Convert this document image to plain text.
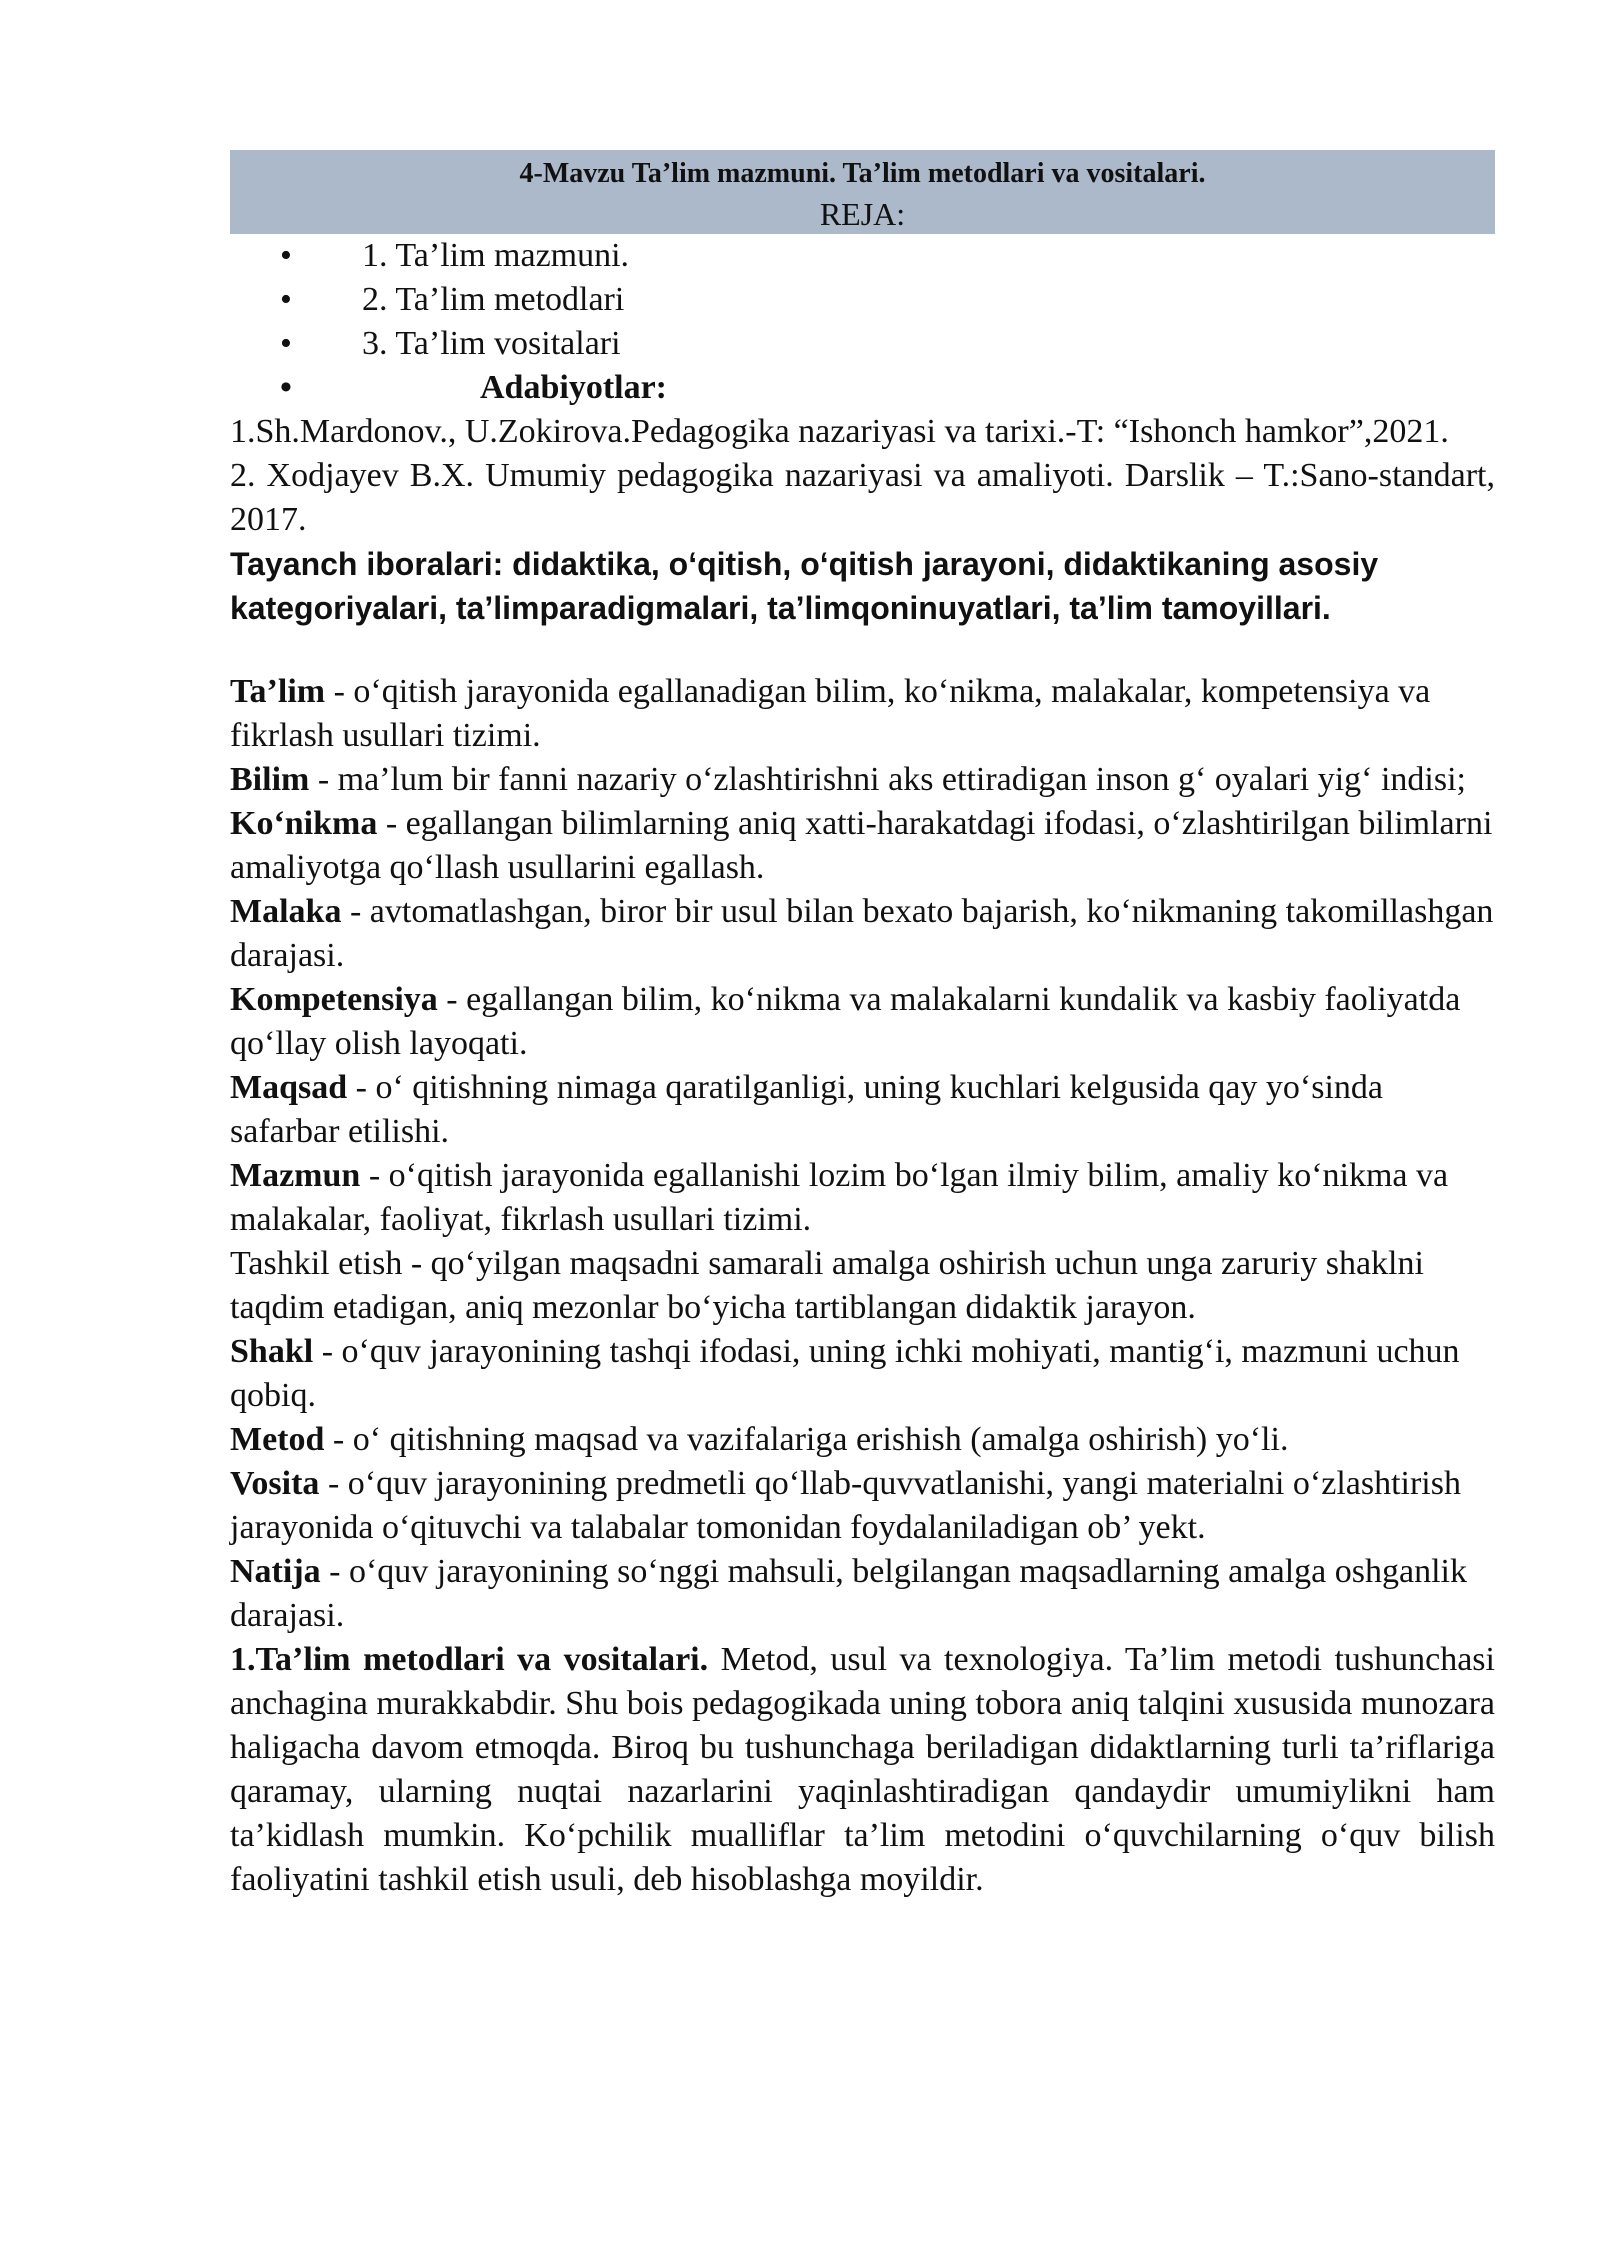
4-Mavzu Ta’lim mazmuni. Ta’lim metodlari va vositalari.
REJA:
• 1. Ta’lim mazmuni.
• 2. Ta’lim metodlari
• 3. Ta’lim vositalari
• Adabiyotlar:

1.Sh.Mardonov., U.Zokirova.Pedagogika nazariyasi va tarixi.-T: “Ishonch hamkor”,2021.

2. Xodjayev B.X. Umumiy pedagogika nazariyasi va amaliyoti. Darslik – T.:Sano-standart, 2017.

Tayanch iboralari: didaktika, o‘qitish, o‘qitish jarayoni, didaktikaning asosiy kategoriyalari, ta’limparadigmalari, ta’limqoninuyatlari, ta’lim tamoyillari.

Ta’lim - o‘qitish jarayonida egallanadigan bilim, ko‘nikma, malakalar, kompetensiya va fikrlash usullari tizimi.

Bilim - ma’lum bir fanni nazariy o‘zlashtirishni aks ettiradigan inson g‘ oyalari yig‘ indisi;

Ko‘nikma - egallangan bilimlarning aniq xatti-harakatdagi ifodasi, o‘zlashtirilgan bilimlarni amaliyotga qo‘llash usullarini egallash.

Malaka - avtomatlashgan, biror bir usul bilan bexato bajarish, ko‘nikmaning takomillashgan darajasi.

Kompetensiya - egallangan bilim, ko‘nikma va malakalarni kundalik va kasbiy faoliyatda qo‘llay olish layoqati.

Maqsad - o‘ qitishning nimaga qaratilganligi, uning kuchlari kelgusida qay yo‘sinda safarbar etilishi.

Mazmun - o‘qitish jarayonida egallanishi lozim bo‘lgan ilmiy bilim, amaliy ko‘nikma va malakalar, faoliyat, fikrlash usullari tizimi.

Tashkil etish - qo‘yilgan maqsadni samarali amalga oshirish uchun unga zaruriy shaklni taqdim etadigan, aniq mezonlar bo‘yicha tartiblangan didaktik jarayon.

Shakl - o‘quv jarayonining tashqi ifodasi, uning ichki mohiyati, mantig‘i, mazmuni uchun qobiq.

Metod - o‘ qitishning maqsad va vazifalariga erishish (amalga oshirish) yo‘li.

Vosita - o‘quv jarayonining predmetli qo‘llab-quvvatlanishi, yangi materialni o‘zlashtirish jarayonida o‘qituvchi va talabalar tomonidan foydalaniladigan ob’ yekt.

Natija - o‘quv jarayonining so‘nggi mahsuli, belgilangan maqsadlarning amalga oshganlik darajasi.

1.Ta’lim metodlari va vositalari. Metod, usul va texnologiya. Ta’lim metodi tushunchasi anchagina murakkabdir. Shu bois pedagogikada uning tobora aniq talqini xususida munozara haligacha davom etmoqda. Biroq bu tushunchaga beriladigan didaktlarning turli ta’riflariga qaramay, ularning nuqtai nazarlarini yaqinlashtiradigan qandaydir umumiylikni ham ta’kidlash mumkin. Ko‘pchilik mualliflar ta’lim metodini o‘quvchilarning o‘quv bilish faoliyatini tashkil etish usuli, deb hisoblashga moyildir.
